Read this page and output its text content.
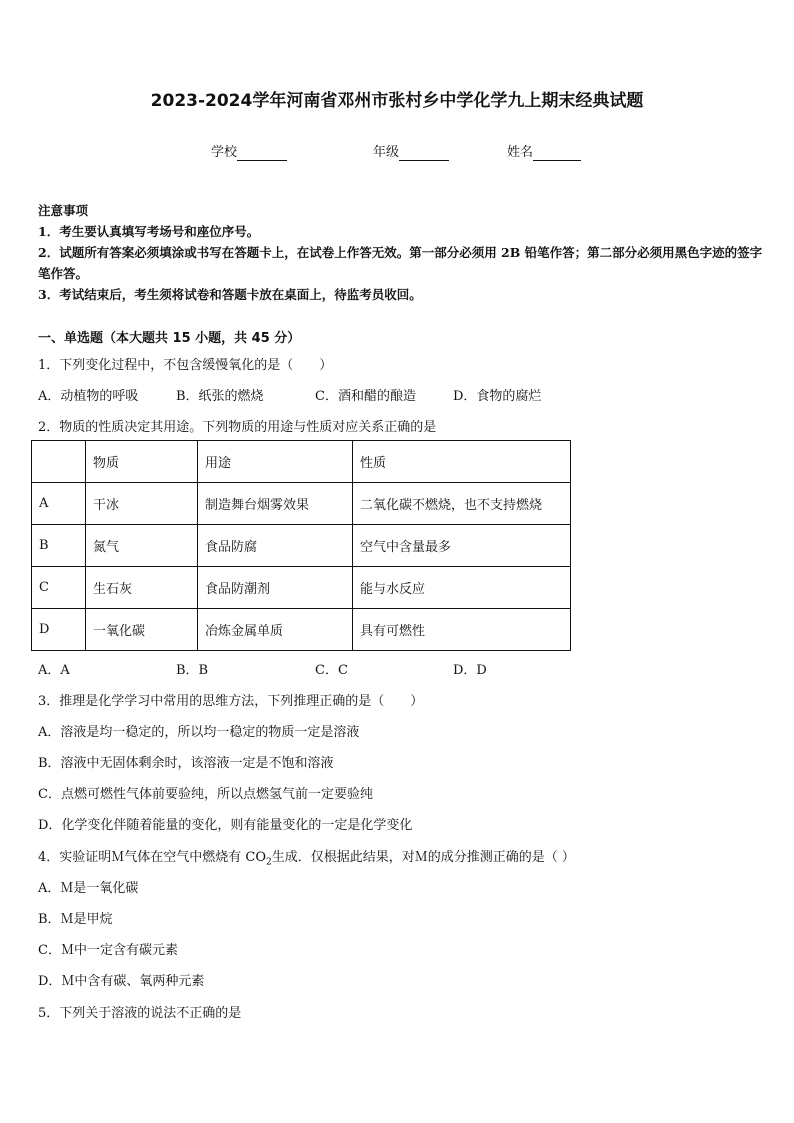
2023-2024学年河南省邓州市张村乡中学化学九上期末经典试题
学校	年级	姓名

注意事项

1．考生要认真填写考场号和座位序号。

2．试题所有答案必须填涂或书写在答题卡上，在试卷上作答无效。第一部分必须用 2B 铅笔作答；第二部分必须用黑色字迹的签字笔作答。

3．考试结束后，考生须将试卷和答题卡放在桌面上，待监考员收回。

一、单选题（本大题共 15 小题，共 45 分）
1．下列变化过程中，不包含缓慢氧化的是（　　）
A．动植物的呼吸	B．纸张的燃烧	C．酒和醋的酿造	D．食物的腐烂
2．物质的性质决定其用途。下列物质的用途与性质对应关系正确的是
	物质	用途	性质
A	干冰	制造舞台烟雾效果	二氧化碳不燃烧，也不支持燃烧
B	氮气	食品防腐	空气中含量最多
C	生石灰	食品防潮剂	能与水反应
D	一氧化碳	冶炼金属单质	具有可燃性
A．A	B．B	C．C	D．D
3．推理是化学学习中常用的思维方法，下列推理正确的是（　　）
A．溶液是均一稳定的，所以均一稳定的物质一定是溶液
B．溶液中无固体剩余时，该溶液一定是不饱和溶液
C．点燃可燃性气体前要验纯，所以点燃氢气前一定要验纯
D．化学变化伴随着能量的变化，则有能量变化的一定是化学变化
4．实验证明Ｍ气体在空气中燃烧有 $CO_2$生成．仅根据此结果，对Ｍ的成分推测正确的是（ ）
A．Ｍ是一氧化碳
B．Ｍ是甲烷
C．Ｍ中一定含有碳元素
D．Ｍ中含有碳、氧两种元素
5．下列关于溶液的说法不正确的是
